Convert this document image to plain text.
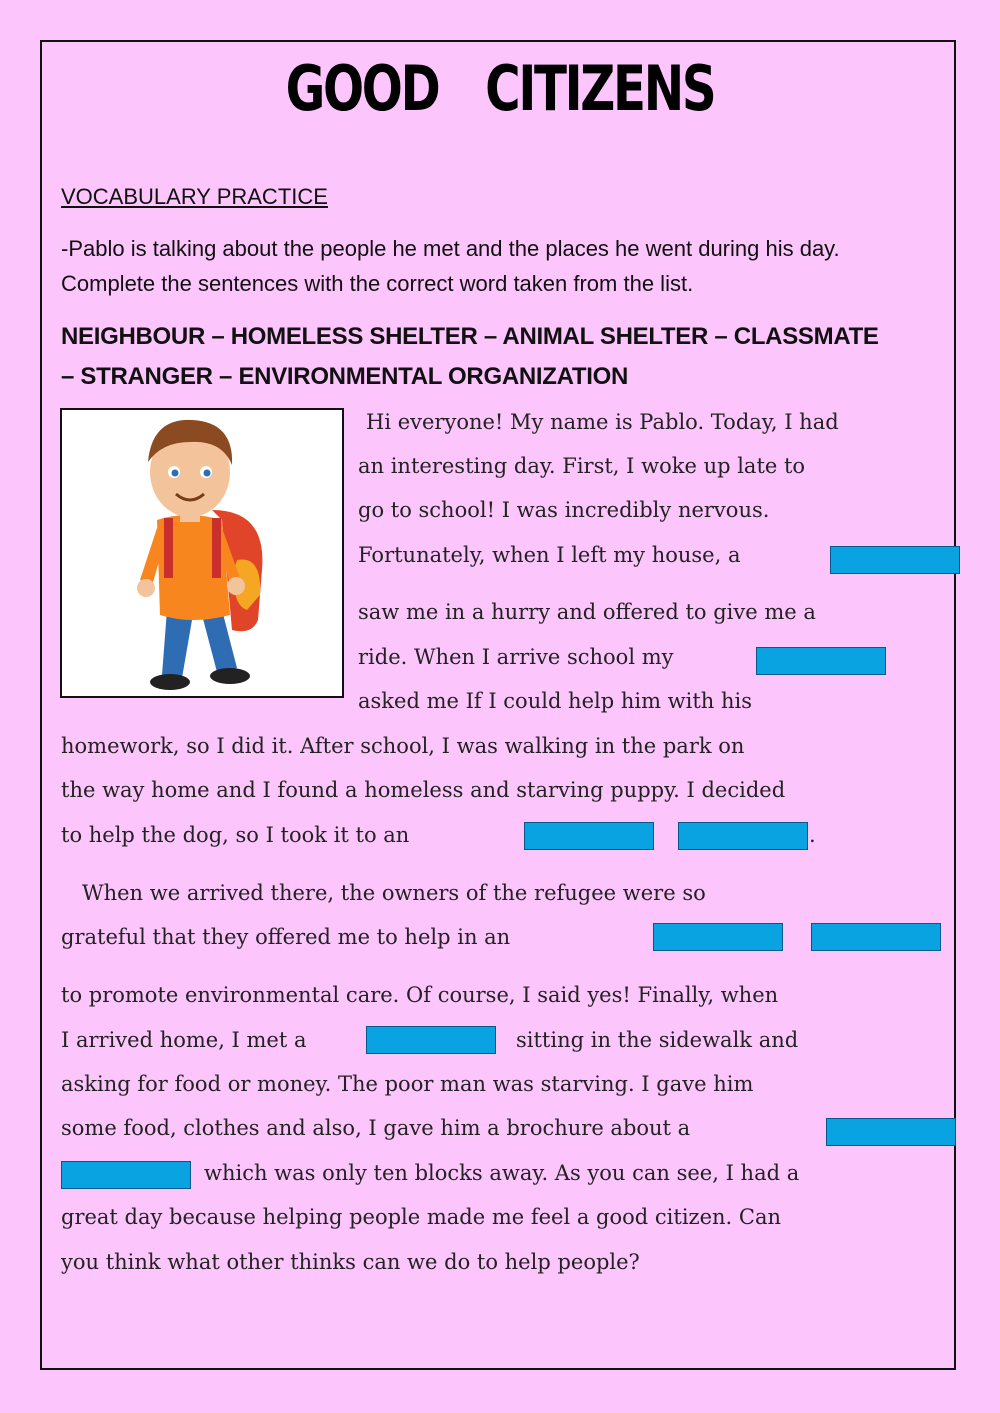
GOOD CITIZENS
VOCABULARY PRACTICE
-Pablo is talking about the people he met and the places he went during his day.
Complete the sentences with the correct word taken from the list.
NEIGHBOUR – HOMELESS SHELTER – ANIMAL SHELTER – CLASSMATE
– STRANGER – ENVIRONMENTAL ORGANIZATION
Hi everyone! My name is Pablo. Today, I had
an interesting day. First, I woke up late to
go to school! I was incredibly nervous.
Fortunately, when I left my house, a
saw me in a hurry and offered to give me a
ride. When I arrive school my
asked me If I could help him with his
homework, so I did it. After school, I was walking in the park on
the way home and I found a homeless and starving puppy. I decided
to help the dog, so I took it to an	.
When we arrived there, the owners of the refugee were so
grateful that they offered me to help in an
to promote environmental care. Of course, I said yes! Finally, when
I arrived home, I met a	sitting in the sidewalk and
asking for food or money. The poor man was starving. I gave him
some food, clothes and also, I gave him a brochure about a
which was only ten blocks away. As you can see, I had a
great day because helping people made me feel a good citizen. Can
you think what other thinks can we do to help people?
